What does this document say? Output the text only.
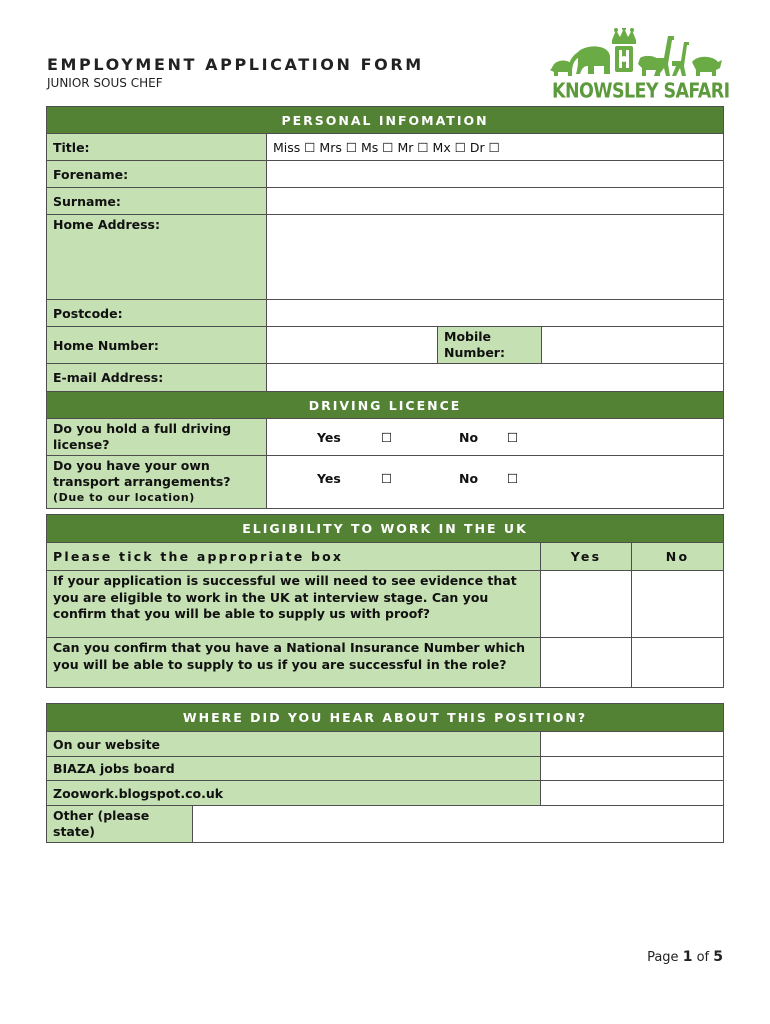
EMPLOYMENT APPLICATION FORM
JUNIOR SOUS CHEF	KNOWSLEY SAFARI
PERSONAL INFOMATION			
Title:	Miss ☐ Mrs ☐ Ms ☐ Mr ☐ Mx ☐ Dr ☐		
Forename:			
Surname:			
Home Address:			
Postcode:			
Home Number:		Mobile Number:	
E-mail Address:			
DRIVING LICENCE			
Do you hold a full driving license?	Yes ☐ No ☐		
Do you have your own transport arrangements?
(Due to our location)	Yes ☐ No ☐		
ELIGIBILITY TO WORK IN THE UK		
Please tick the appropriate box	Yes	No
If your application is successful we will need to see evidence that you are eligible to work in the UK at interview stage. Can you confirm that you will be able to supply us with proof?		
Can you confirm that you have a National Insurance Number which you will be able to supply to us if you are successful in the role?		
WHERE DID YOU HEAR ABOUT THIS POSITION?		
On our website		
BIAZA jobs board		
Zoowork.blogspot.co.uk		
Other (please state)		
Page 1 of 5
